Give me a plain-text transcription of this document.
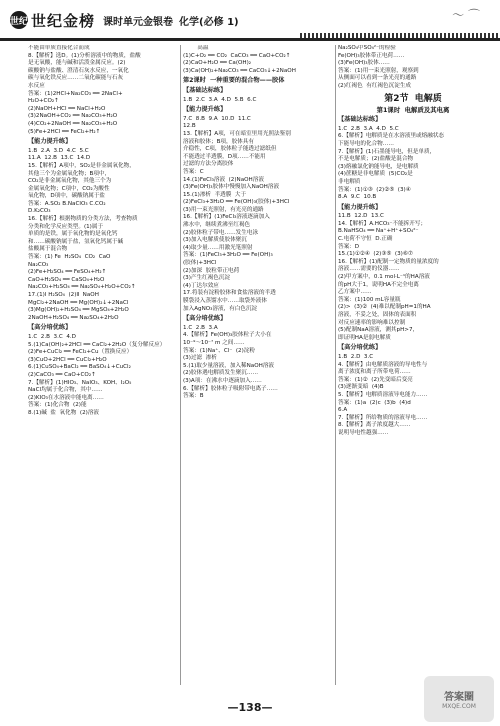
世纪 世纪金榜 课时单元金银卷 化学(必修 1)	〜 ⌒
不能由单质直接化合而成
8.【解析】选D。(1)分析溶液中的物质，盐酸
是无氧酸，能与碱和活泼金属反应。(2)
碳酸钠与盐酸、澄清石灰水反应，一氧化
碳与氧化铁反应……二氧化碳能与石灰
水反应
答案：(1)2HCl+Na₂CO₃ ══ 2NaCl+
H₂O+CO₂↑
(2)NaOH+HCl ══ NaCl+H₂O
(3)2NaOH+CO₂ ══ Na₂CO₃+H₂O
(4)CO₂+2NaOH ══ Na₂CO₃+H₂O
(5)Fe+2HCl ══ FeCl₂+H₂↑
【能力提升练】
1.B  2.A  3.D  4.C  5.C
11.A  12.B  13.C  14.D
15.【解析】A项中，SO₂是非金属氧化物，
其他三个为金属氧化物；B项中，
CO₂是非金属氧化物，其他三个为
金属氧化物；C项中，CO₂为酸性
氧化物，D项中，碳酸钠属于盐
答案：A.SO₂ B.NaClO₃ C.CO₂
D.K₂CO₃
16.【解析】根据物质的分类方法，考查物质
分类和化学反应类型。(1)属于
单质的是铁，属于氧化物的是氧化钙
和……碳酸钠属于盐，氢氧化钙属于碱
盐酸属于混合物
答案：(1) Fe  H₂SO₄  CO₂  CaO
Na₂CO₃
(2)Fe+H₂SO₄ ══ FeSO₄+H₂↑
CaO+H₂SO₄ ══ CaSO₄+H₂O
Na₂CO₃+H₂SO₄ ══ Na₂SO₄+H₂O+CO₂↑
17.(1)Ⅰ H₂SO₄  (2)Ⅱ  NaOH
MgCl₂+2NaOH ══ Mg(OH)₂↓+2NaCl
(3)Mg(OH)₂+H₂SO₄ ══ MgSO₄+2H₂O
2NaOH+H₂SO₄ ══ Na₂SO₄+2H₂O
【高分培优练】
1.C  2.B  3.C  4.D
5.(1)Ca(OH)₂+2HCl ══ CaCl₂+2H₂O（复分解反应）
(2)Fe+CuCl₂ ══ FeCl₂+Cu（置换反应）
(3)CuO+2HCl ══ CuCl₂+H₂O
6.(1)CuSO₄+BaCl₂ ══ BaSO₄↓+CuCl₂
(2)CaCO₃ ══ CaO+CO₂↑
7.【解析】(1)HIO₃、NaIO₃、KOH、I₂O₅
NaCl均属于化合物，其中……
(2)KIO₃在水溶液中能电离……
答案：(1)化合物  (2)能
8.(1)碱  盐  氧化物  (2)溶液
高温
(1)C+O₂ ══ CO₂  CaCO₃ ══ CaO+CO₂↑
(2)CaO+H₂O ══ Ca(OH)₂
(3)Ca(OH)₂+Na₂CO₃ ══ CaCO₃↓+2NaOH
第2课时  一种重要的混合物——胶体
【基础达标练】
1.B  2.C  3.A  4.D  5.B  6.C
【能力提升练】
7.C  8.B  9.A  10.D  11.C
12.B
13.【解析】A项，可在暗室里用光照法鉴别
溶液和胶体；B项，胶体具有
介稳性，C项，胶体粒子能透过滤纸但
不能透过半透膜，D项……不能用
过滤的方法分离胶体
答案：C
14.(1)FeCl₃溶液  (2)NaOH溶液
(3)Fe(OH)₃胶体中慢慢加入NaOH溶液
15.(1)渗析  半透膜  大于
(2)FeCl₃+3H₂O ══ Fe(OH)₃(胶体)+3HCl
(3)用一束光照射，有光亮的通路
16.【解析】(1)FeCl₃溶液逐滴加入
沸水中，继续煮沸至红褐色
(2)胶体粒子带电……发生电泳
(3)加入电解质使胶体聚沉
(4)取少量……用激光笔照射
答案：(1)FeCl₃+3H₂O ══ Fe(OH)₃
(胶体)+3HCl
(2)加深  胶粒带正电荷
(3)产生红褐色沉淀
(4)丁达尔效应
17.将装有淀粉胶体和食盐溶液的半透
膜袋浸入蒸馏水中……取袋外液体
加入AgNO₃溶液，有白色沉淀
【高分培优练】
1.C  2.B  3.A
4.【解析】Fe(OH)₃胶体粒子大小在
10⁻⁹～10⁻⁷ m 之间……
答案：(1)Na⁺、Cl⁻  (2)淀粉
(3)过滤  渗析
5.(1)取少量溶液，加入稀NaOH溶液
(2)胶体遇电解质发生聚沉……
(3)A项：在沸水中逐滴加入……
6.【解析】胶体粒子吸附带电离子……
答案：B
Na₂SO₄中SO₄²⁻的检验
Fe(OH)₃胶体带正电荷……
(3)Fe(OH)₃胶体……
答案：(1)用一束光照射，观察到
从侧面可以看到一条光亮的通路
(2)红褐色  有红褐色沉淀生成
第2节  电解质
第1课时  电解质及其电离
【基础达标练】
1.C  2.B  3.A  4.D  5.C
6.【解析】电解质是在水溶液里或熔融状态
下能导电的化合物……
7.【解析】(1)石墨能导电，但是单质，
不是电解质；(2)盐酸是混合物
(3)熔融氯化钠能导电，是电解质
(4)蔗糖是非电解质  (5)CO₂是
非电解质
答案：(1)①③  (2)②⑤  (3)④
8.A  9.C  10.B
【能力提升练】
11.B  12.D  13.C
14.【解析】A.HCO₃⁻不能拆开写；
B.NaHSO₄ ══ Na⁺+H⁺+SO₄²⁻
C.电荷不守恒  D.正确
答案：D
15.(1)①②④  (2)③⑤  (3)⑥⑦
16.【解析】(1)配制一定物质的量浓度的
溶液……需要的仪器……
(2)甲方案中，0.1 mol·L⁻¹的HA溶液
的pH大于1，说明HA不完全电离
乙方案中……
答案：(1)100 mL容量瓶
(2)>  (3)②  (4)难以配制pH=1的HA
溶液，不妥之处，固体的表面积
对反应速率的影响难以控制
(5)配制NaA溶液，测其pH>7，
即证明HA是弱电解质
【高分培优练】
1.B  2.D  3.C
4.【解析】由电解质溶液的导电性与
离子浓度和离子所带电荷……
答案：(1)②  (2)先变暗后变亮
(3)逐渐变暗  (4)B
5.【解析】电解质溶液导电能力……
答案：(1)a  (2)c  (3)b  (4)d
6.A
7.【解析】所给物质的溶液导电……
8.【解析】离子浓度越大……
说明导电性越强……
—138—
答案圈
MXQE.COM
